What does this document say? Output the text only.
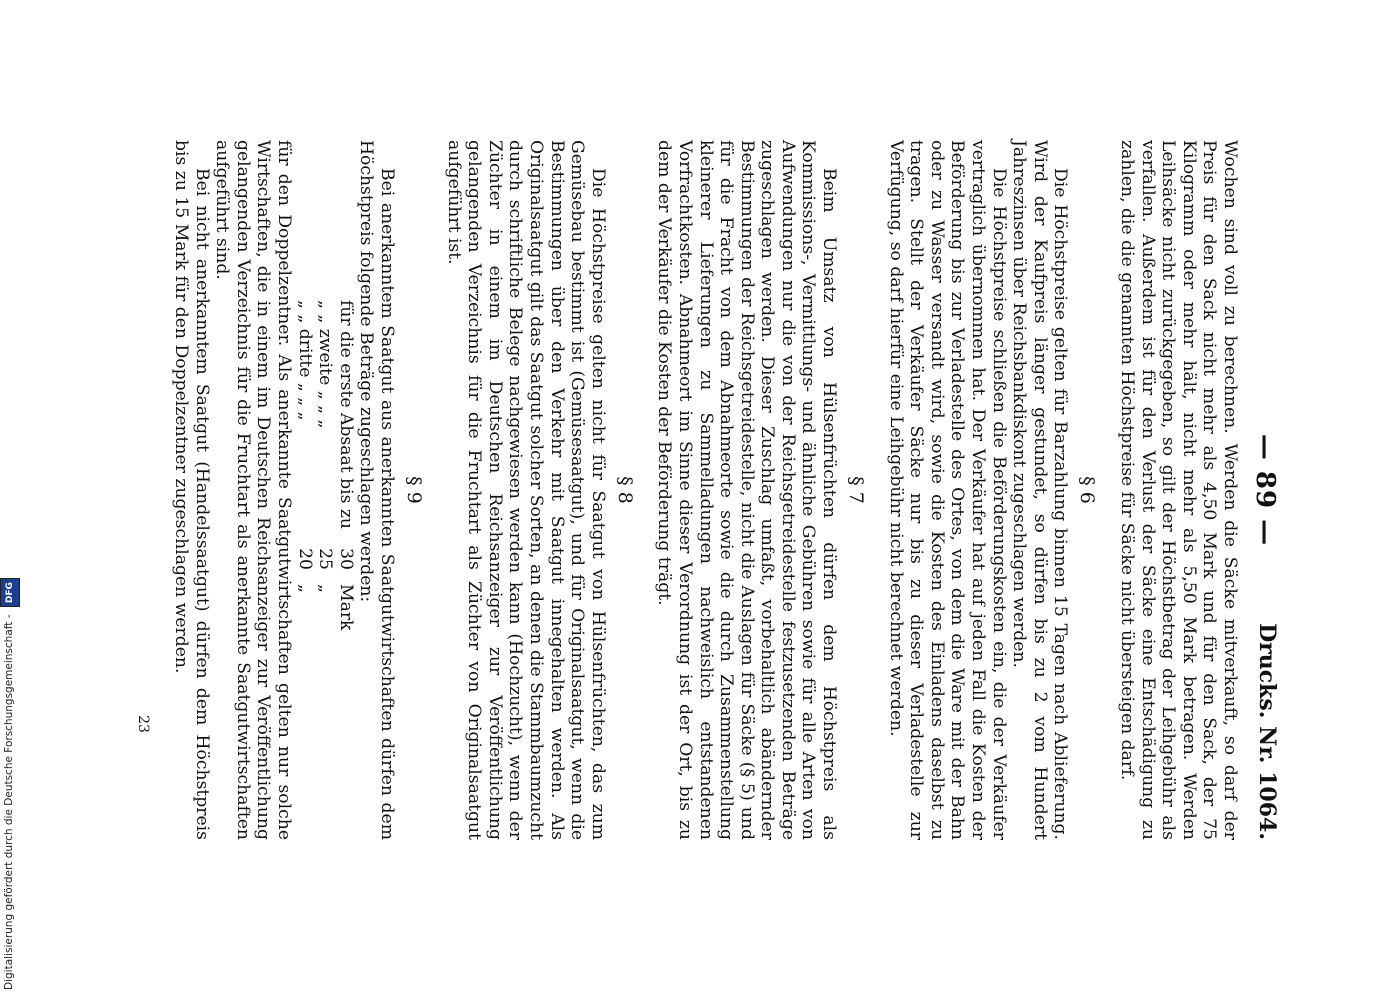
— 89 —
Drucks. Nr. 1064.

Wochen sind voll zu berechnen. Werden die Säcke mitverkauft, so darf der Preis für den Sack nicht mehr als 4,50 Mark und für den Sack, der 75 Kilogramm oder mehr hält, nicht mehr als 5,50 Mark betragen. Werden Leihsäcke nicht zurückgegeben, so gilt der Höchstbetrag der Leihgebühr als verfallen. Außerdem ist für den Verlust der Säcke eine Entschädigung zu zahlen, die die genannten Höchstpreise für Säcke nicht übersteigen darf.

§ 6

Die Höchstpreise gelten für Barzahlung binnen 15 Tagen nach Ablieferung. Wird der Kaufpreis länger gestundet, so dürfen bis zu 2 vom Hundert Jahreszinsen über Reichsbankdiskont zugeschlagen werden.

Die Höchstpreise schließen die Beförderungskosten ein, die der Verkäufer vertraglich übernommen hat. Der Verkäufer hat auf jeden Fall die Kosten der Beförderung bis zur Verladestelle des Ortes, von dem die Ware mit der Bahn oder zu Wasser versandt wird, sowie die Kosten des Einladens daselbst zu tragen. Stellt der Verkäufer Säcke nur bis zu dieser Verladestelle zur Verfügung, so darf hierfür eine Leihgebühr nicht berechnet werden.

§ 7

Beim Umsatz von Hülsenfrüchten dürfen dem Höchstpreis als Kommissions-, Vermittlungs- und ähnliche Gebühren sowie für alle Arten von Aufwendungen nur die von der Reichsgetreidestelle festzusetzenden Beträge zugeschlagen werden. Dieser Zuschlag umfaßt, vorbehaltlich abändernder Bestimmungen der Reichsgetreidestelle, nicht die Auslagen für Säcke (§ 5) und für die Fracht von dem Abnahmeorte sowie die durch Zusammenstellung kleinerer Lieferungen zu Sammelladungen nachweislich entstandenen Vorfrachtkosten. Abnahmeort im Sinne dieser Verordnung ist der Ort, bis zu dem der Verkäufer die Kosten der Beförderung trägt.

§ 8

Die Höchstpreise gelten nicht für Saatgut von Hülsenfrüchten, das zum Gemüsebau bestimmt ist (Gemüsesaatgut), und für Originalsaatgut, wenn die Bestimmungen über den Verkehr mit Saatgut innegehalten werden. Als Originalsaatgut gilt das Saatgut solcher Sorten, an denen die Stammbaumzucht durch schriftliche Belege nachgewiesen werden kann (Hochzucht), wenn der Züchter in einem im Deutschen Reichsanzeiger zur Veröffentlichung gelangenden Verzeichnis für die Fruchtart als Züchter von Originalsaatgut aufgeführt ist.

§ 9

Bei anerkanntem Saatgut aus anerkannten Saatgutwirtschaften dürfen dem Höchstpreis folgende Beträge zugeschlagen werden:

für die erste Absaat bis zu
30
Mark
„ „ zweite „ „ „
25
„
„ „ dritte „ „ „
20
„

für den Doppelzentner. Als anerkannte Saatgutwirtschaften gelten nur solche Wirtschaften, die in einem im Deutschen Reichsanzeiger zur Veröffentlichung gelangenden Verzeichnis für die Fruchtart als anerkannte Saatgutwirtschaften aufgeführt sind.

Bei nicht anerkanntem Saatgut (Handelssaatgut) dürfen dem Höchstpreis bis zu 15 Mark für den Doppelzentner zugeschlagen werden.

23
Digitalisierung gefördert durch die Deutsche Forschungsgemeinschaft - DFG
